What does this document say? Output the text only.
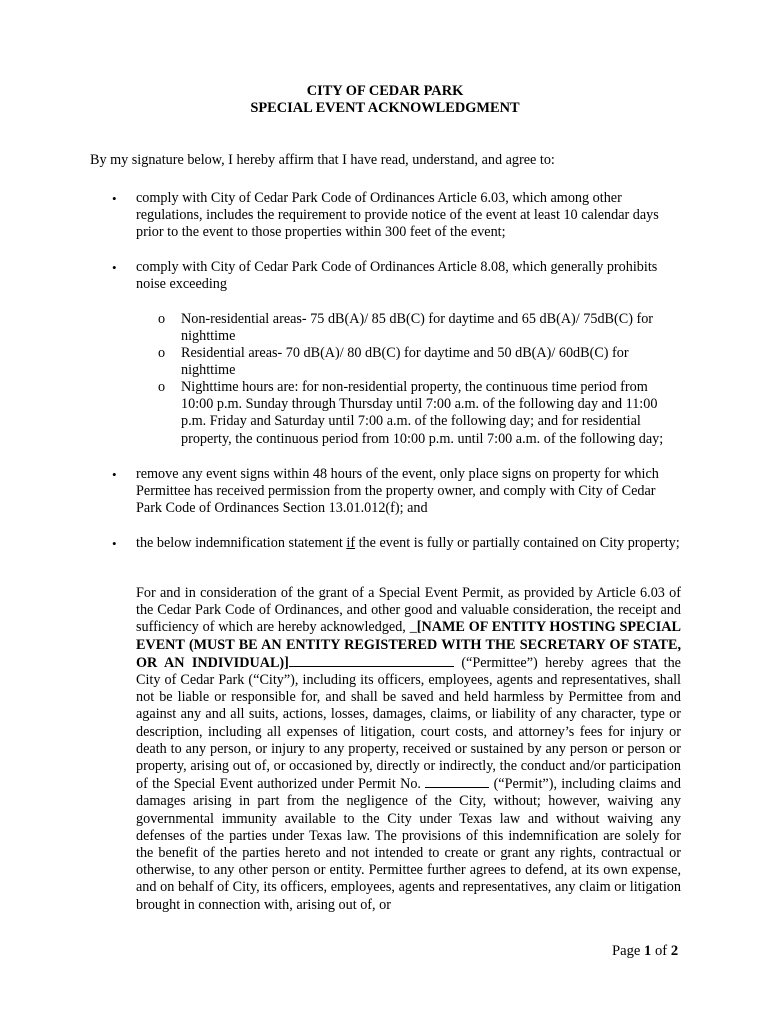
CITY OF CEDAR PARK
SPECIAL EVENT ACKNOWLEDGMENT
By my signature below, I hereby affirm that I have read, understand, and agree to:
• comply with City of Cedar Park Code of Ordinances Article 6.03, which among other regulations, includes the requirement to provide notice of the event at least 10 calendar days prior to the event to those properties within 300 feet of the event;
• comply with City of Cedar Park Code of Ordinances Article 8.08, which generally prohibits noise exceeding
o Non-residential areas- 75 dB(A)/ 85 dB(C) for daytime and 65 dB(A)/ 75dB(C) for nighttime
o Residential areas- 70 dB(A)/ 80 dB(C) for daytime and 50 dB(A)/ 60dB(C) for nighttime
o Nighttime hours are: for non-residential property, the continuous time period from 10:00 p.m. Sunday through Thursday until 7:00 a.m. of the following day and 11:00 p.m. Friday and Saturday until 7:00 a.m. of the following day; and for residential property, the continuous period from 10:00 p.m. until 7:00 a.m. of the following day;
• remove any event signs within 48 hours of the event, only place signs on property for which Permittee has received permission from the property owner, and comply with City of Cedar Park Code of Ordinances Section 13.01.012(f); and
• the below indemnification statement if the event is fully or partially contained on City property;
For and in consideration of the grant of a Special Event Permit, as provided by Article 6.03 of the Cedar Park Code of Ordinances, and other good and valuable consideration, the receipt and sufficiency of which are hereby acknowledged, _[NAME OF ENTITY HOSTING SPECIAL EVENT (MUST BE AN ENTITY REGISTERED WITH THE SECRETARY OF STATE, OR AN INDIVIDUAL)]	(“Permittee”) hereby agrees that the City of Cedar Park (“City”), including its officers, employees, agents and representatives, shall not be liable or responsible for, and shall be saved and held harmless by Permittee from and against any and all suits, actions, losses, damages, claims, or liability of any character, type or description, including all expenses of litigation, court costs, and attorney’s fees for injury or death to any person, or injury to any property, received or sustained by any person or person or property, arising out of, or occasioned by, directly or indirectly, the conduct and/or participation of the Special Event authorized under Permit No.	(“Permit”), including claims and damages arising in part from the negligence of the City, without; however, waiving any governmental immunity available to the City under Texas law and without waiving any defenses of the parties under Texas law. The provisions of this indemnification are solely for the benefit of the parties hereto and not intended to create or grant any rights, contractual or otherwise, to any other person or entity. Permittee further agrees to defend, at its own expense, and on behalf of City, its officers, employees, agents and representatives, any claim or litigation brought in connection with, arising out of, or
Page 1 of 2
